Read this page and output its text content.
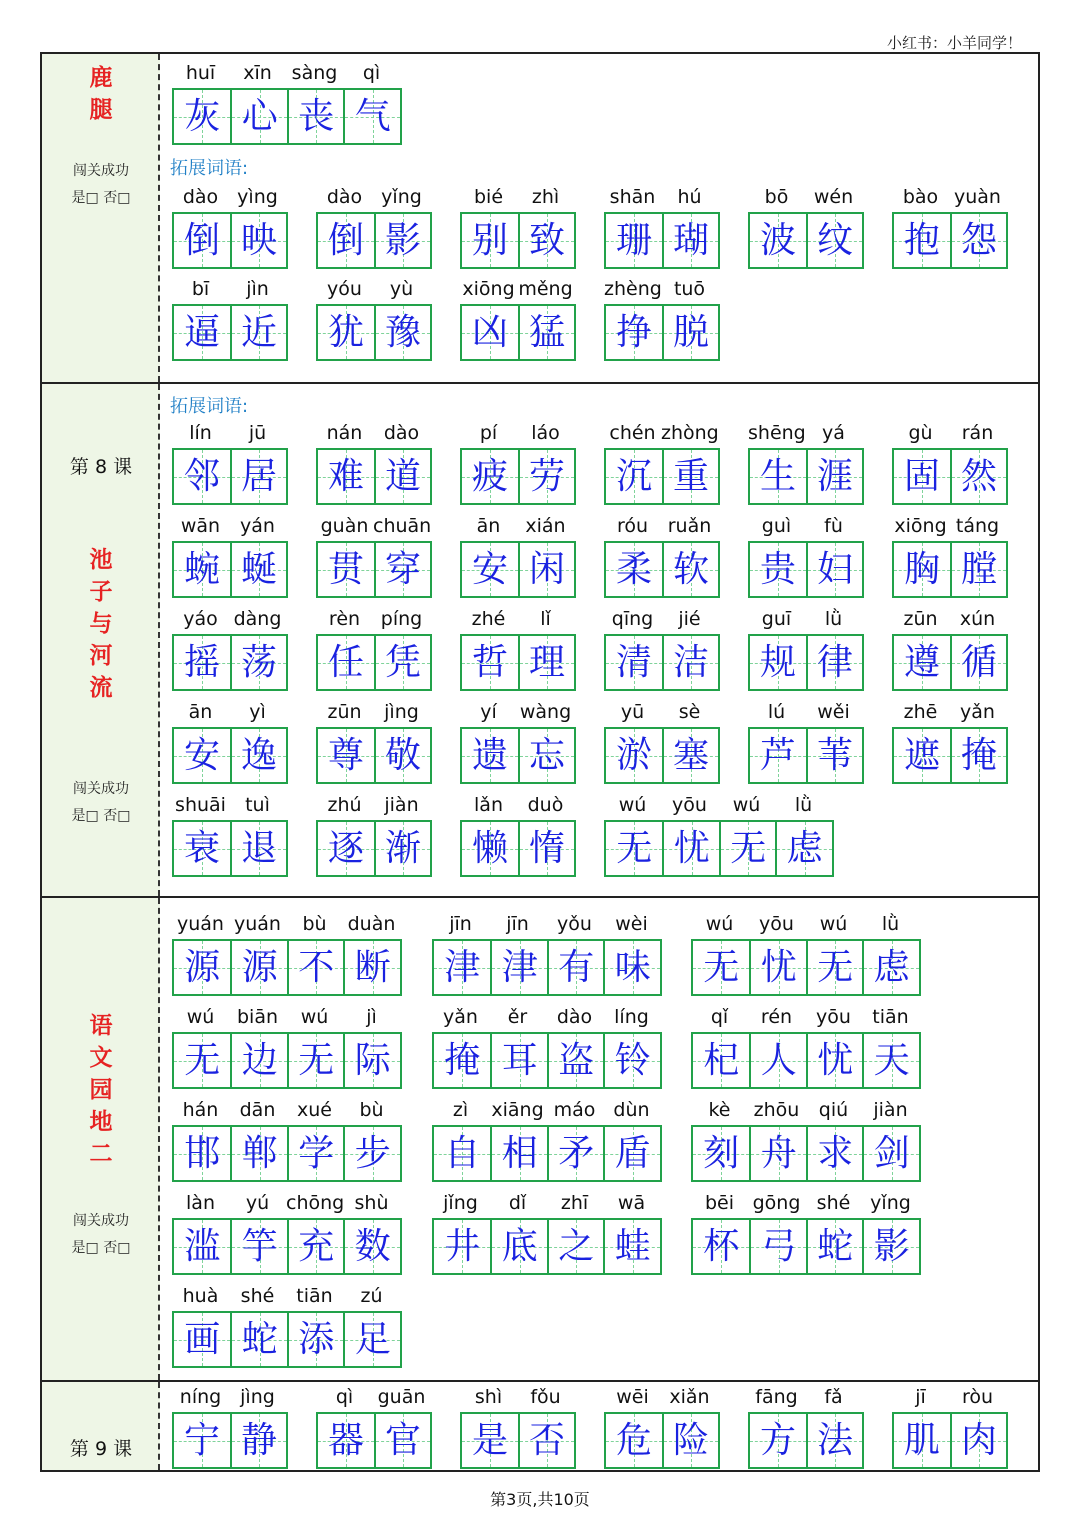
小红书：小羊同学！
鹿
腿
闯关成功
是□ 否□
huī	xīn	sàng	qì
灰 心 丧 气
拓展词语:
dào	yìng
倒 映
dào	yǐng
倒 影
bié	zhì
别 致
shān	hú
珊 瑚
bō	wén
波 纹
bào yuàn
抱 怨
bī	jìn
逼 近
yóu	yù
犹 豫
xiōng měng
凶 猛
zhèng tuō
挣 脱
第 8 课
池
子
与
河
流
闯关成功
是□ 否□
拓展词语:
lín	jū
邻 居
nán	dào
难 道
pí	láo
疲 劳
chén zhòng
沉 重
shēng yá
生 涯
gù	rán
固 然
wān	yán
蜿 蜒
guàn chuān
贯 穿
ān	xián
安 闲
róu	ruǎn
柔 软
guì	fù
贵 妇
xiōng táng
胸 膛
yáo dàng
摇 荡
rèn	píng
任 凭
zhé	lǐ
哲 理
qīng	jié
清 洁
guī	lǜ
规 律
zūn	xún
遵 循
ān	yì
安 逸
zūn	jìng
尊 敬
yí	wàng
遗 忘
yū	sè
淤 塞
lú	wěi
芦 苇
zhē	yǎn
遮 掩
shuāi	tuì
衰 退
zhú	jiàn
逐 渐
lǎn	duò
懒 惰
wú	yōu	wú	lǜ
无 忧 无 虑
语
文
园
地
二
闯关成功
是□ 否□
yuán yuán	bù	duàn
源 源 不 断
jīn	jīn	yǒu	wèi
津 津 有 味
wú	yōu	wú	lǜ
无 忧 无 虑
wú	biān	wú	jì
无 边 无 际
yǎn	ěr	dào	líng
掩 耳 盗 铃
qǐ	rén	yōu	tiān
杞 人 忧 天
hán	dān	xué	bù
邯 郸 学 步
zì	xiāng máo dùn
自 相 矛 盾
kè	zhōu	qiú	jiàn
刻 舟 求 剑
làn	yú chōng shù
滥 竽 充 数
jǐng	dǐ	zhī	wā
井 底 之 蛙
bēi gōng shé	yǐng
杯 弓 蛇 影
huà	shé	tiān	zú
画 蛇 添 足
第 9 课
níng jìng
宁 静
qì	guān
器 官
shì	fǒu
是 否
wēi	xiǎn
危 险
fāng	fǎ
方 法
jī	ròu
肌 肉
第3页,共10页
